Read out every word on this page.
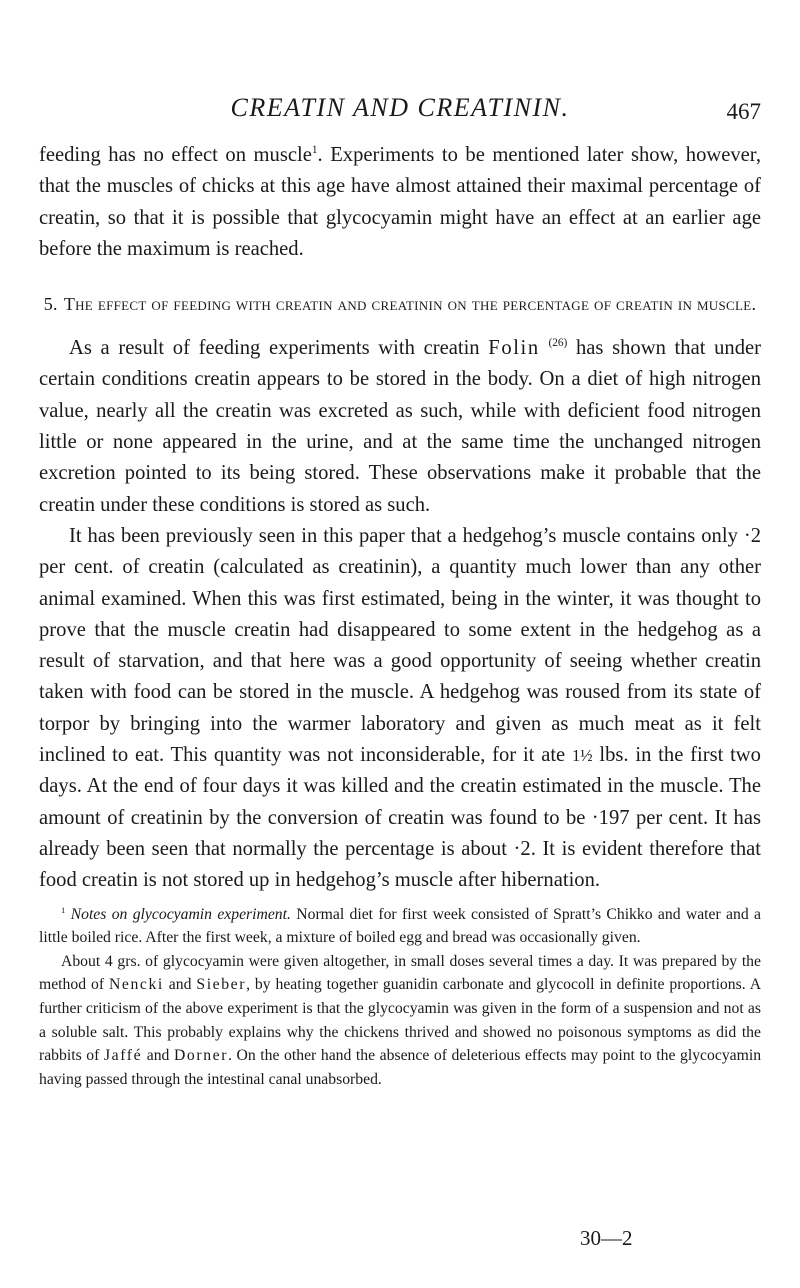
CREATIN AND CREATININ.	467

feeding has no effect on muscle$^1$. Experiments to be mentioned later show, however, that the muscles of chicks at this age have almost attained their maximal percentage of creatin, so that it is possible that glycocyamin might have an effect at an earlier age before the maximum is reached.

5. The effect of feeding with creatin and creatinin on the percentage of creatin in muscle.

As a result of feeding experiments with creatin Folin $^{(26)}$ has shown that under certain conditions creatin appears to be stored in the body. On a diet of high nitrogen value, nearly all the creatin was excreted as such, while with deficient food nitrogen little or none appeared in the urine, and at the same time the unchanged nitrogen excretion pointed to its being stored. These observations make it probable that the creatin under these conditions is stored as such.

It has been previously seen in this paper that a hedgehog’s muscle contains only ·2 per cent. of creatin (calculated as creatinin), a quantity much lower than any other animal examined. When this was first estimated, being in the winter, it was thought to prove that the muscle creatin had disappeared to some extent in the hedgehog as a result of starvation, and that here was a good opportunity of seeing whether creatin taken with food can be stored in the muscle. A hedgehog was roused from its state of torpor by bringing into the warmer laboratory and given as much meat as it felt inclined to eat. This quantity was not inconsiderable, for it ate 1½ lbs. in the first two days. At the end of four days it was killed and the creatin estimated in the muscle. The amount of creatinin by the conversion of creatin was found to be ·197 per cent. It has already been seen that normally the percentage is about ·2. It is evident therefore that food creatin is not stored up in hedgehog’s muscle after hibernation.

$^1$ Notes on glycocyamin experiment. Normal diet for first week consisted of Spratt’s Chikko and water and a little boiled rice. After the first week, a mixture of boiled egg and bread was occasionally given.

About 4 grs. of glycocyamin were given altogether, in small doses several times a day. It was prepared by the method of Nencki and Sieber, by heating together guanidin carbonate and glycocoll in definite proportions. A further criticism of the above experiment is that the glycocyamin was given in the form of a suspension and not as a soluble salt. This probably explains why the chickens thrived and showed no poisonous symptoms as did the rabbits of Jaffé and Dorner. On the other hand the absence of deleterious effects may point to the glycocyamin having passed through the intestinal canal unabsorbed.

30—2
